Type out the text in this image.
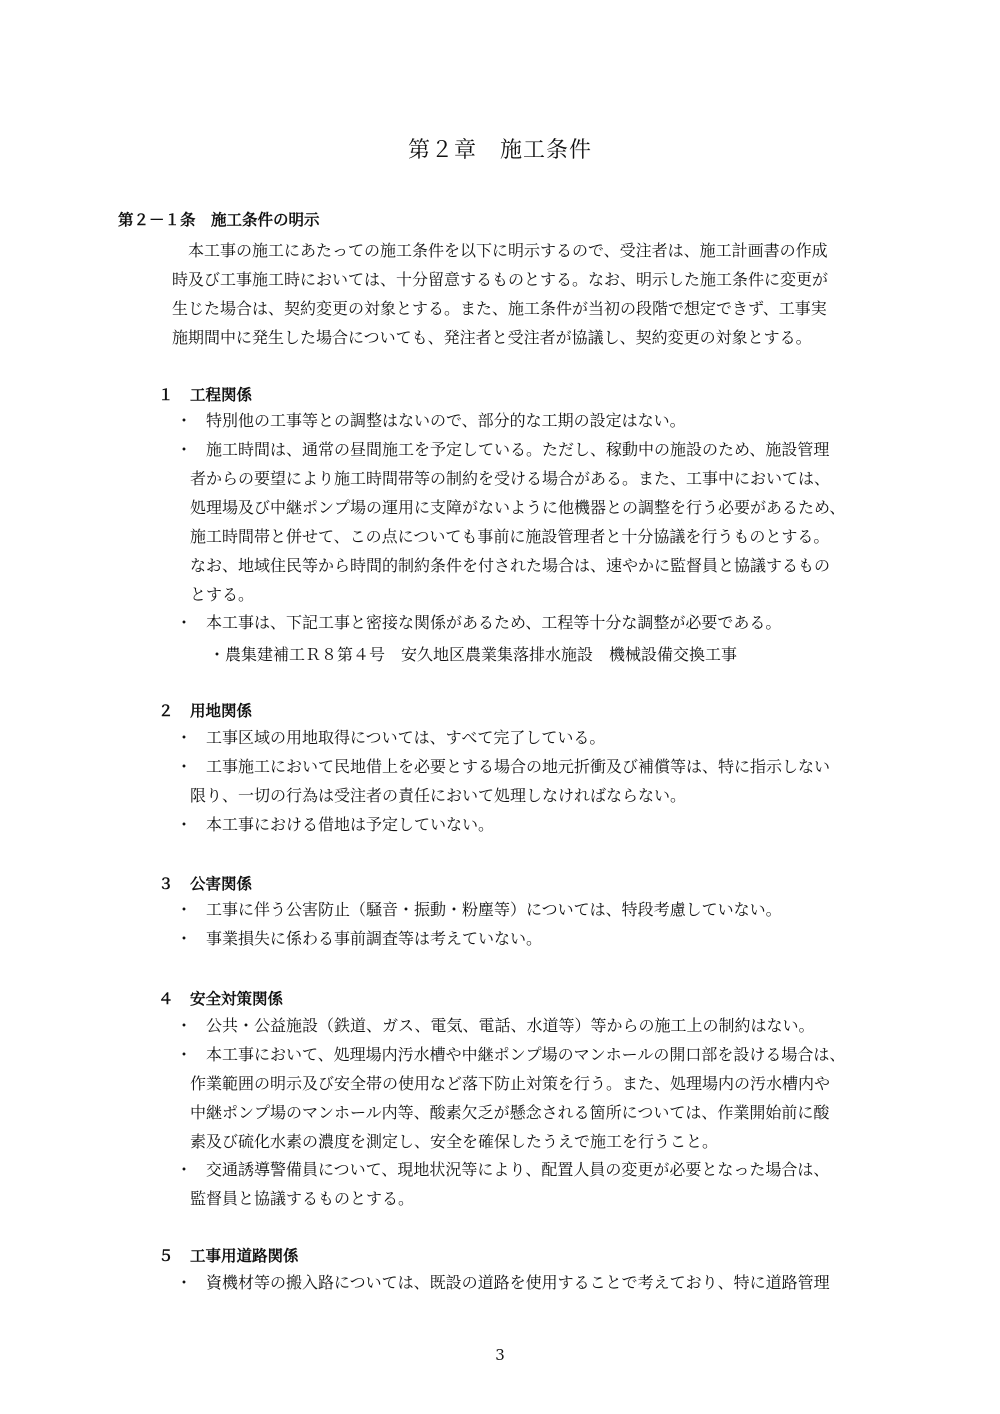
第２章　施工条件
第２－１条　施工条件の明示

　本工事の施工にあたっての施工条件を以下に明示するので、受注者は、施工計画書の作成

時及び工事施工時においては、十分留意するものとする。なお、明示した施工条件に変更が

生じた場合は、契約変更の対象とする。また、施工条件が当初の段階で想定できず、工事実

施期間中に発生した場合についても、発注者と受注者が協議し、契約変更の対象とする。

１ 工程関係
・

　特別他の工事等との調整はないので、部分的な工期の設定はない。

・

　施工時間は、通常の昼間施工を予定している。ただし、稼動中の施設のため、施設管理

者からの要望により施工時間帯等の制約を受ける場合がある。また、工事中においては、

処理場及び中継ポンプ場の運用に支障がないように他機器との調整を行う必要があるため、

施工時間帯と併せて、この点についても事前に施設管理者と十分協議を行うものとする。

なお、地域住民等から時間的制約条件を付された場合は、速やかに監督員と協議するもの

とする。

・

　本工事は、下記工事と密接な関係があるため、工程等十分な調整が必要である。

・農集建補工Ｒ８第４号　安久地区農業集落排水施設　機械設備交換工事
２ 用地関係
・

　工事区域の用地取得については、すべて完了している。

・

　工事施工において民地借上を必要とする場合の地元折衝及び補償等は、特に指示しない

限り、一切の行為は受注者の責任において処理しなければならない。

・

　本工事における借地は予定していない。

３ 公害関係
・

　工事に伴う公害防止（騒音・振動・粉塵等）については、特段考慮していない。

・

　事業損失に係わる事前調査等は考えていない。

４ 安全対策関係
・

　公共・公益施設（鉄道、ガス、電気、電話、水道等）等からの施工上の制約はない。

・

　本工事において、処理場内汚水槽や中継ポンプ場のマンホールの開口部を設ける場合は、

作業範囲の明示及び安全帯の使用など落下防止対策を行う。また、処理場内の汚水槽内や

中継ポンプ場のマンホール内等、酸素欠乏が懸念される箇所については、作業開始前に酸

素及び硫化水素の濃度を測定し、安全を確保したうえで施工を行うこと。

・

　交通誘導警備員について、現地状況等により、配置人員の変更が必要となった場合は、

監督員と協議するものとする。

５ 工事用道路関係
・

　資機材等の搬入路については、既設の道路を使用することで考えており、特に道路管理

3
